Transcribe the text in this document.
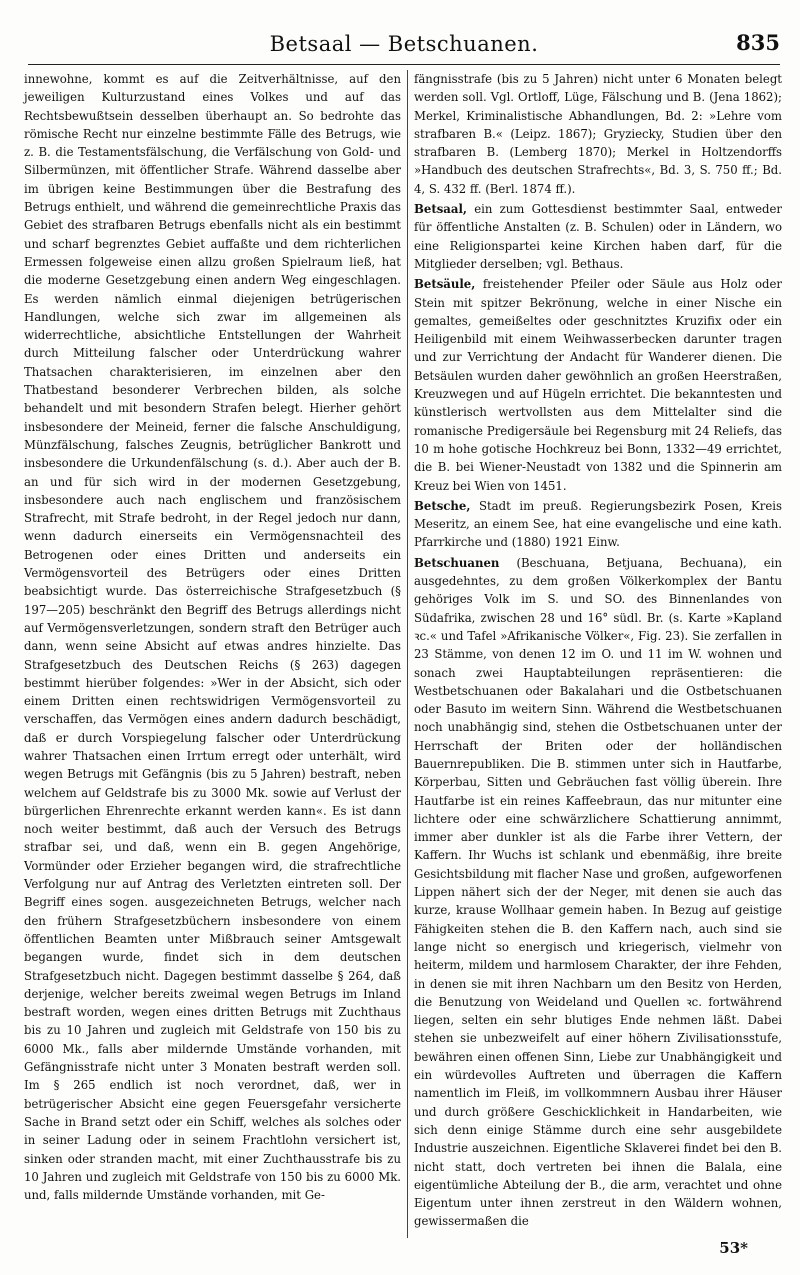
Betsaal — Betschuanen.	835

innewohne, kommt es auf die Zeitverhältnisse, auf den jeweiligen Kulturzustand eines Volkes und auf das Rechtsbewußtsein desselben überhaupt an. So bedrohte das römische Recht nur einzelne bestimmte Fälle des Betrugs, wie z. B. die Testamentsfälschung, die Verfälschung von Gold- und Silbermünzen, mit öffentlicher Strafe. Während dasselbe aber im übrigen keine Bestimmungen über die Bestrafung des Betrugs enthielt, und während die gemeinrechtliche Praxis das Gebiet des strafbaren Betrugs ebenfalls nicht als ein bestimmt und scharf begrenztes Gebiet auffaßte und dem richterlichen Ermessen folgeweise einen allzu großen Spielraum ließ, hat die moderne Gesetzgebung einen andern Weg eingeschlagen. Es werden nämlich einmal diejenigen betrügerischen Handlungen, welche sich zwar im allgemeinen als widerrechtliche, absichtliche Entstellungen der Wahrheit durch Mitteilung falscher oder Unterdrückung wahrer Thatsachen charakterisieren, im einzelnen aber den Thatbestand besonderer Verbrechen bilden, als solche behandelt und mit besondern Strafen belegt. Hierher gehört insbesondere der Meineid, ferner die falsche Anschuldigung, Münzfälschung, falsches Zeugnis, betrüglicher Bankrott und insbesondere die Urkundenfälschung (s. d.). Aber auch der B. an und für sich wird in der modernen Gesetzgebung, insbesondere auch nach englischem und französischem Strafrecht, mit Strafe bedroht, in der Regel jedoch nur dann, wenn dadurch einerseits ein Vermögensnachteil des Betrogenen oder eines Dritten und anderseits ein Vermögensvorteil des Betrügers oder eines Dritten beabsichtigt wurde. Das österreichische Strafgesetzbuch (§ 197—205) beschränkt den Begriff des Betrugs allerdings nicht auf Vermögensverletzungen, sondern straft den Betrüger auch dann, wenn seine Absicht auf etwas andres hinzielte. Das Strafgesetzbuch des Deutschen Reichs (§ 263) dagegen bestimmt hierüber folgendes: »Wer in der Absicht, sich oder einem Dritten einen rechtswidrigen Vermögensvorteil zu verschaffen, das Vermögen eines andern dadurch beschädigt, daß er durch Vorspiegelung falscher oder Unterdrückung wahrer Thatsachen einen Irrtum erregt oder unterhält, wird wegen Betrugs mit Gefängnis (bis zu 5 Jahren) bestraft, neben welchem auf Geldstrafe bis zu 3000 Mk. sowie auf Verlust der bürgerlichen Ehrenrechte erkannt werden kann«. Es ist dann noch weiter bestimmt, daß auch der Versuch des Betrugs strafbar sei, und daß, wenn ein B. gegen Angehörige, Vormünder oder Erzieher begangen wird, die strafrechtliche Verfolgung nur auf Antrag des Verletzten eintreten soll. Der Begriff eines sogen. ausgezeichneten Betrugs, welcher nach den frühern Strafgesetzbüchern insbesondere von einem öffentlichen Beamten unter Mißbrauch seiner Amtsgewalt begangen wurde, findet sich in dem deutschen Strafgesetzbuch nicht. Dagegen bestimmt dasselbe § 264, daß derjenige, welcher bereits zweimal wegen Betrugs im Inland bestraft worden, wegen eines dritten Betrugs mit Zuchthaus bis zu 10 Jahren und zugleich mit Geldstrafe von 150 bis zu 6000 Mk., falls aber mildernde Umstände vorhanden, mit Gefängnisstrafe nicht unter 3 Monaten bestraft werden soll. Im § 265 endlich ist noch verordnet, daß, wer in betrügerischer Absicht eine gegen Feuersgefahr versicherte Sache in Brand setzt oder ein Schiff, welches als solches oder in seiner Ladung oder in seinem Frachtlohn versichert ist, sinken oder stranden macht, mit einer Zuchthausstrafe bis zu 10 Jahren und zugleich mit Geldstrafe von 150 bis zu 6000 Mk. und, falls mildernde Umstände vorhanden, mit Ge-

fängnisstrafe (bis zu 5 Jahren) nicht unter 6 Monaten belegt werden soll. Vgl. Ortloff, Lüge, Fälschung und B. (Jena 1862); Merkel, Kriminalistische Abhandlungen, Bd. 2: »Lehre vom strafbaren B.« (Leipz. 1867); Gryziecky, Studien über den strafbaren B. (Lemberg 1870); Merkel in Holtzendorffs »Handbuch des deutschen Strafrechts«, Bd. 3, S. 750 ff.; Bd. 4, S. 432 ff. (Berl. 1874 ff.).

Betsaal, ein zum Gottesdienst bestimmter Saal, entweder für öffentliche Anstalten (z. B. Schulen) oder in Ländern, wo eine Religionspartei keine Kirchen haben darf, für die Mitglieder derselben; vgl. Bethaus.

Betsäule, freistehender Pfeiler oder Säule aus Holz oder Stein mit spitzer Bekrönung, welche in einer Nische ein gemaltes, gemeißeltes oder geschnitztes Kruzifix oder ein Heiligenbild mit einem Weihwasserbecken darunter tragen und zur Verrichtung der Andacht für Wanderer dienen. Die Betsäulen wurden daher gewöhnlich an großen Heerstraßen, Kreuzwegen und auf Hügeln errichtet. Die bekanntesten und künstlerisch wertvollsten aus dem Mittelalter sind die romanische Predigersäule bei Regensburg mit 24 Reliefs, das 10 m hohe gotische Hochkreuz bei Bonn, 1332—49 errichtet, die B. bei Wiener-Neustadt von 1382 und die Spinnerin am Kreuz bei Wien von 1451.

Betsche, Stadt im preuß. Regierungsbezirk Posen, Kreis Meseritz, an einem See, hat eine evangelische und eine kath. Pfarrkirche und (1880) 1921 Einw.

Betschuanen (Beschuana, Betjuana, Bechuana), ein ausgedehntes, zu dem großen Völkerkomplex der Bantu gehöriges Volk im S. und SO. des Binnenlandes von Südafrika, zwischen 28 und 16° südl. Br. (s. Karte »Kapland ꝛc.« und Tafel »Afrikanische Völker«, Fig. 23). Sie zerfallen in 23 Stämme, von denen 12 im O. und 11 im W. wohnen und sonach zwei Hauptabteilungen repräsentieren: die Westbetschuanen oder Bakalahari und die Ostbetschuanen oder Basuto im weitern Sinn. Während die Westbetschuanen noch unabhängig sind, stehen die Ostbetschuanen unter der Herrschaft der Briten oder der holländischen Bauernrepubliken. Die B. stimmen unter sich in Hautfarbe, Körperbau, Sitten und Gebräuchen fast völlig überein. Ihre Hautfarbe ist ein reines Kaffeebraun, das nur mitunter eine lichtere oder eine schwärzlichere Schattierung annimmt, immer aber dunkler ist als die Farbe ihrer Vettern, der Kaffern. Ihr Wuchs ist schlank und ebenmäßig, ihre breite Gesichtsbildung mit flacher Nase und großen, aufgeworfenen Lippen nähert sich der der Neger, mit denen sie auch das kurze, krause Wollhaar gemein haben. In Bezug auf geistige Fähigkeiten stehen die B. den Kaffern nach, auch sind sie lange nicht so energisch und kriegerisch, vielmehr von heiterm, mildem und harmlosem Charakter, der ihre Fehden, in denen sie mit ihren Nachbarn um den Besitz von Herden, die Benutzung von Weideland und Quellen ꝛc. fortwährend liegen, selten ein sehr blutiges Ende nehmen läßt. Dabei stehen sie unbezweifelt auf einer höhern Zivilisationsstufe, bewähren einen offenen Sinn, Liebe zur Unabhängigkeit und ein würdevolles Auftreten und überragen die Kaffern namentlich im Fleiß, im vollkommnern Ausbau ihrer Häuser und durch größere Geschicklichkeit in Handarbeiten, wie sich denn einige Stämme durch eine sehr ausgebildete Industrie auszeichnen. Eigentliche Sklaverei findet bei den B. nicht statt, doch vertreten bei ihnen die Balala, eine eigentümliche Abteilung der B., die arm, verachtet und ohne Eigentum unter ihnen zerstreut in den Wäldern wohnen, gewissermaßen die

53*
